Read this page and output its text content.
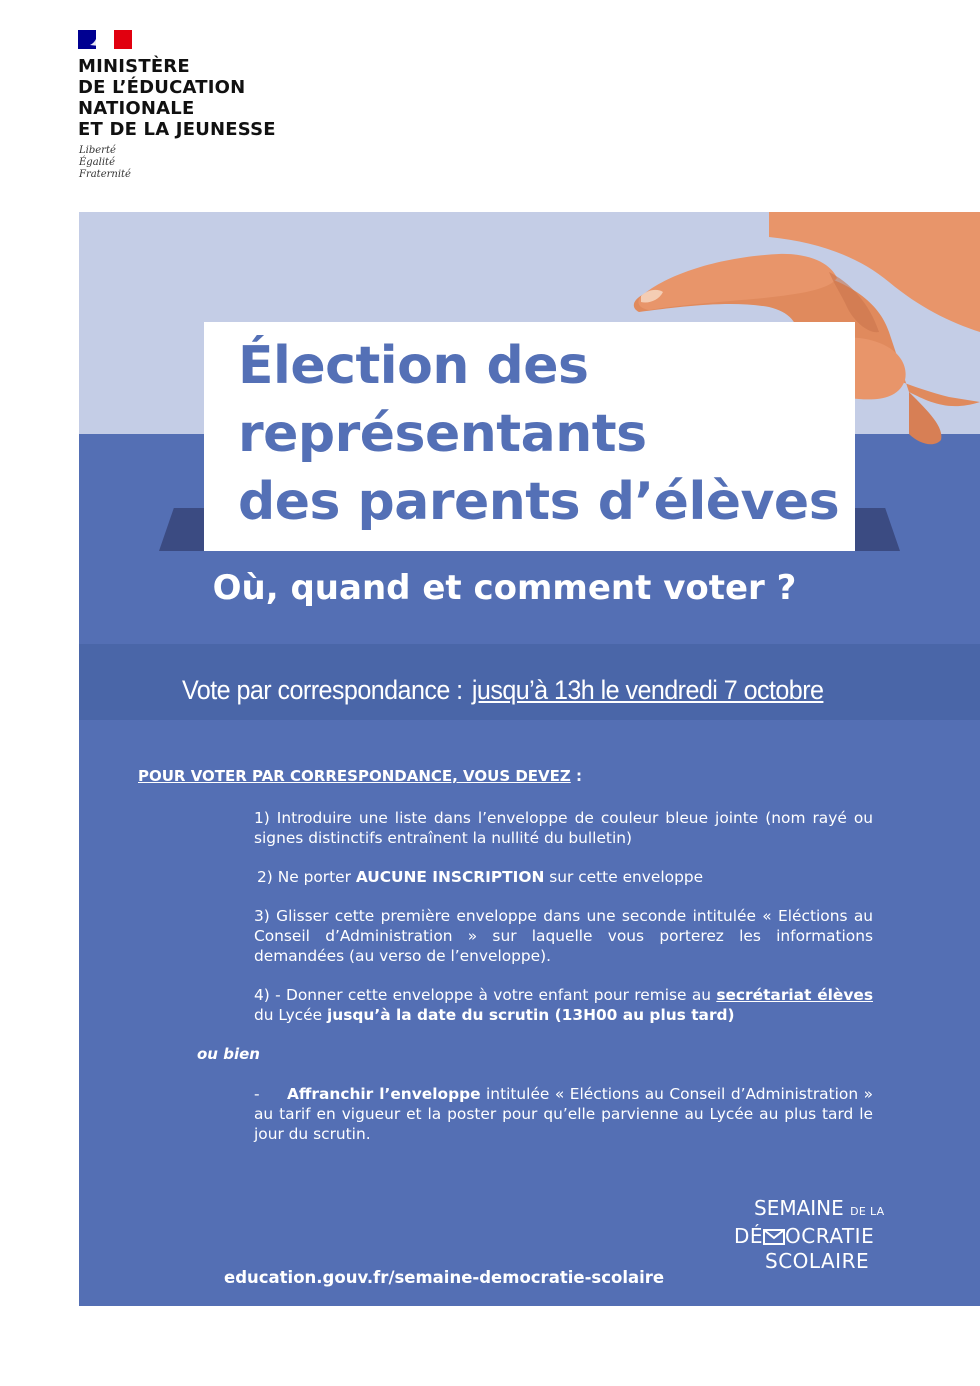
MINISTÈRE
DE L’ÉDUCATION
NATIONALE
ET DE LA JEUNESSE
Liberté
Égalité
Fraternité
Élection des
représentants
des parents d’élèves
Où, quand et comment voter ?
Vote par correspondance : jusqu’à 13h le vendredi 7 octobre
POUR VOTER PAR CORRESPONDANCE, VOUS DEVEZ :
1) Introduire une liste dans l’enveloppe de couleur bleue jointe (nom rayé ou signes distinctifs entraînent la nullité du bulletin)
2) Ne porter AUCUNE INSCRIPTION sur cette enveloppe
3) Glisser cette première enveloppe dans une seconde intitulée « Eléctions au Conseil d’Administration » sur laquelle vous porterez les informations demandées (au verso de l’enveloppe).
4) - Donner cette enveloppe à votre enfant pour remise au secrétariat élèves du Lycée jusqu’à la date du scrutin (13H00 au plus tard)
ou bien
-     Affranchir l’enveloppe intitulée « Eléctions au Conseil d’Administration » au tarif en vigueur et la poster pour qu’elle parvienne au Lycée au plus tard le jour du scrutin.
SEMAINE DE LA
DÉ OCRATIE
SCOLAIRE
education.gouv.fr/semaine-democratie-scolaire
